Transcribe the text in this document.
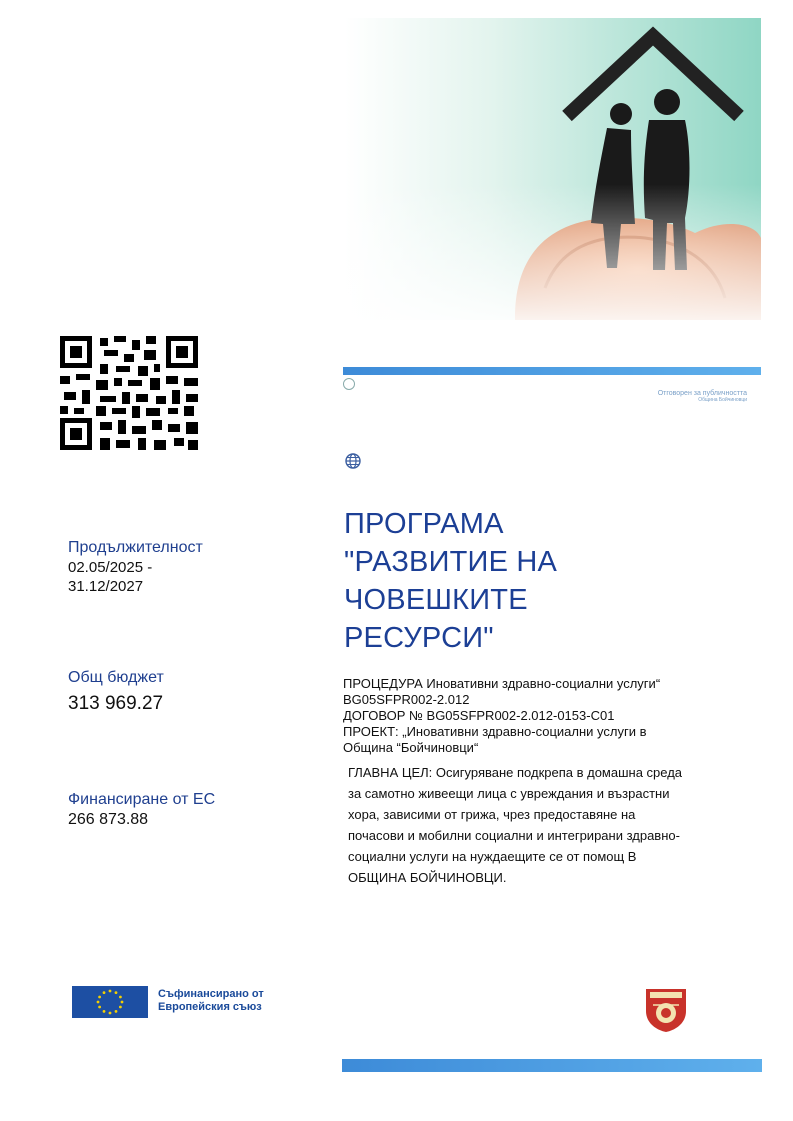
Продължителност
02.05/2025 -
31.12/2027
Общ бюджет
313 969.27
Финансиране от ЕС
266 873.88
Отговорен за публичността
Община Бойчиновци
ПРОГРАМА
"РАЗВИТИЕ НА
ЧОВЕШКИТЕ
РЕСУРСИ"
ПРОЦЕДУРА Иновативни здравно-социални услуги“
BG05SFPR002-2.012
ДОГОВОР № BG05SFPR002-2.012-0153-C01
ПРОЕКТ: „Иновативни здравно-социални услуги в
Община “Бойчиновци“
ГЛАВНА ЦЕЛ: Осигуряване подкрепа в домашна среда
за самотно живеещи лица с увреждания и възрастни
хора, зависими от грижа, чрез предоставяне на
почасови и мобилни социални и интегрирани здравно-
социални услуги на нуждаещите се от помощ В
ОБЩИНА БОЙЧИНОВЦИ.
Съфинансирано от
Европейския съюз
